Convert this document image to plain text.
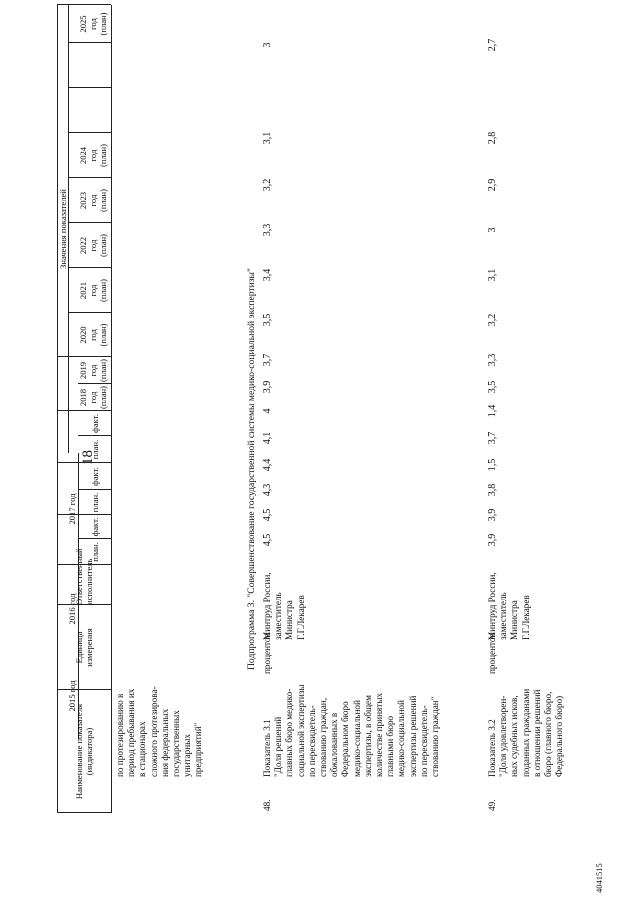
18
Наименование показателя
(индикатора)
Единица
измерения
Ответственный
исполнитель
Значения показателей
2015 год
2016 год
2017 год
план.
факт.
план.
факт.
план.
факт.
2018
год
(план)
2019
год
(план)
2020
год
(план)
2021
год
(план)
2022
год
(план)
2023
год
(план)
2024
год
(план)
2025
год
(план)
по протезированию в
период пребывания их
в стационарах
сложного протезирова-
ния федеральных
государственных
унитарных
предприятий"
Подпрограмма 3. "Совершенствование государственной системы медико-социальной экспертизы"
48.
Показатель 3.1
"Доля решений
главных бюро медико-
социальной экспертизы
по пересвидетель-
ствованию граждан,
обжалованных в
Федеральном бюро
медико-социальной
экспертизы, в общем
количестве принятых
главными бюро
медико-социальной
экспертизы решений
по пересвидетель-
ствованию граждан"
процентов
Минтруд России,
заместитель
Министра
Г.Г.Лекарев
4,5
4,5
4,3
4,4
4,1
4
3,9
3,7
3,5
3,4
3,3
3,2
3,1
3
49.
Показатель 3.2
"Доля удовлетворен-
ных судебных исков,
поданных гражданами
в отношении решений
бюро (главного бюро,
Федерального бюро)
процентов
Минтруд России,
заместитель
Министра
Г.Г.Лекарев
3,9
3,9
3,8
1,5
3,7
1,4
3,5
3,3
3,2
3,1
3
2,9
2,8
2,7
4041515
